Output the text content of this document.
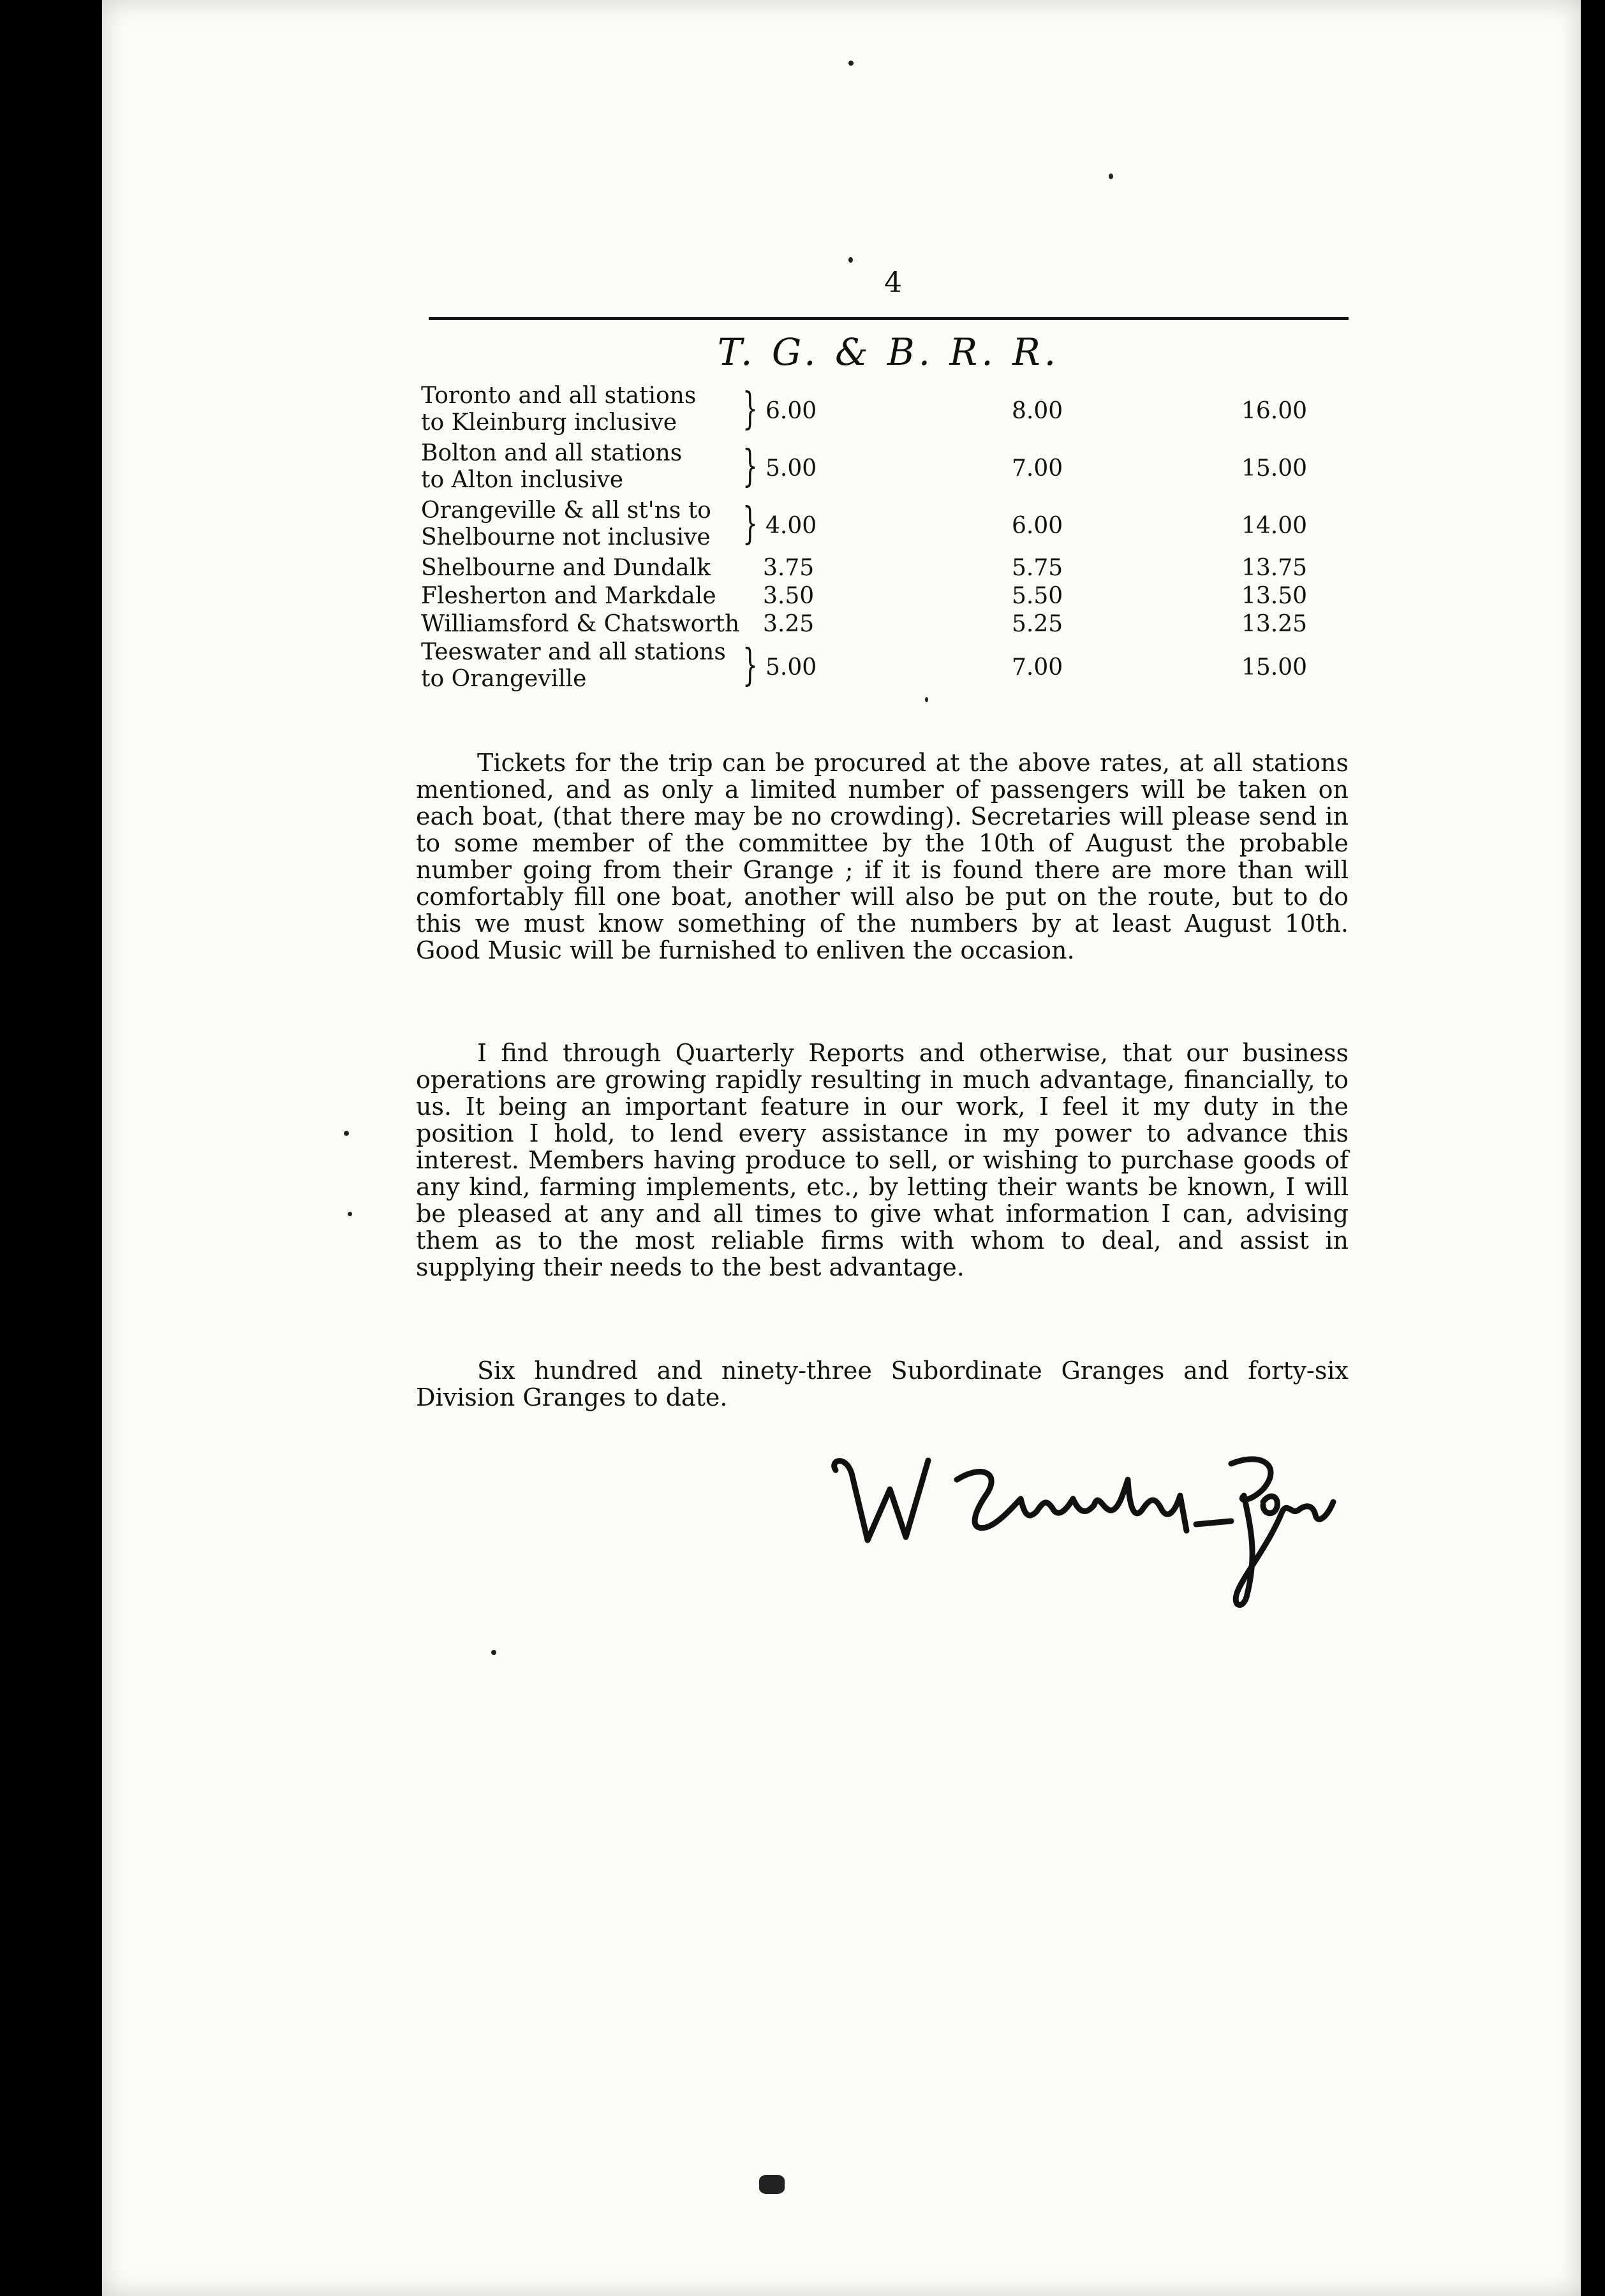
4
T. G. & B. R. R.
Toronto and all stations
to Kleinburg inclusive	} 6.00	8.00	16.00
Bolton and all stations
to Alton inclusive	} 5.00	7.00	15.00
Orangeville & all st'ns to
Shelbourne not inclusive } 4.00	6.00	14.00
Shelbourne and Dundalk	3.75	5.75	13.75
Flesherton and Markdale	3.50	5.50	13.50
Williamsford & Chatsworth 3.25	5.25	13.25
Teeswater and all stations
to Orangeville	} 5.00	7.00	15.00

Tickets for the trip can be procured at the above rates, at all stations mentioned, and as only a limited number of passengers will be taken on each boat, (that there may be no crowding). Secretaries will please send in to some member of the committee by the 10th of August the probable number going from their Grange ; if it is found there are more than will comfortably fill one boat, another will also be put on the route, but to do this we must know something of the numbers by at least August 10th. Good Music will be furnished to enliven the occasion.

I find through Quarterly Reports and otherwise, that our business operations are growing rapidly resulting in much advantage, financially, to us. It being an important feature in our work, I feel it my duty in the position I hold, to lend every assistance in my power to advance this interest. Members having produce to sell, or wishing to purchase goods of any kind, farming implements, etc., by letting their wants be known, I will be pleased at any and all times to give what information I can, advising them as to the most reliable firms with whom to deal, and assist in supplying their needs to the best advantage.

Six hundred and ninety-three Subordinate Granges and forty-six Division Granges to date.
